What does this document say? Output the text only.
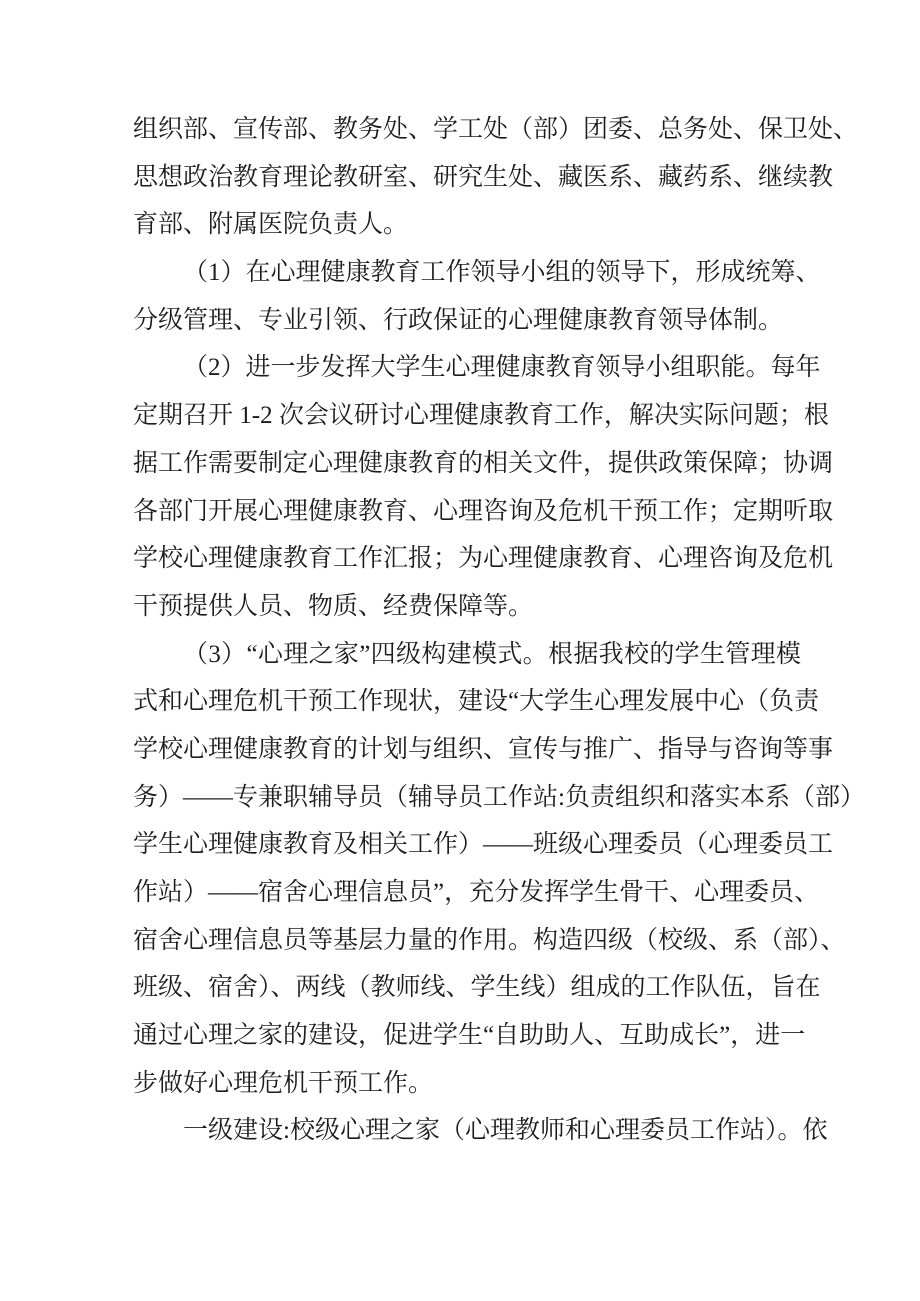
组织部、宣传部、教务处、学工处（部）团委、总务处、保卫处、
思想政治教育理论教研室、研究生处、藏医系、藏药系、继续教
育部、附属医院负责人。
（1）在心理健康教育工作领导小组的领导下，形成统筹、
分级管理、专业引领、行政保证的心理健康教育领导体制。
（2）进一步发挥大学生心理健康教育领导小组职能。每年
定期召开 1-2 次会议研讨心理健康教育工作，解决实际问题；根
据工作需要制定心理健康教育的相关文件，提供政策保障；协调
各部门开展心理健康教育、心理咨询及危机干预工作；定期听取
学校心理健康教育工作汇报；为心理健康教育、心理咨询及危机
干预提供人员、物质、经费保障等。
（3）“心理之家”四级构建模式。根据我校的学生管理模
式和心理危机干预工作现状，建设“大学生心理发展中心（负责
学校心理健康教育的计划与组织、宣传与推广、指导与咨询等事
务）——专兼职辅导员（辅导员工作站:负责组织和落实本系（部）
学生心理健康教育及相关工作）——班级心理委员（心理委员工
作站）——宿舍心理信息员”，充分发挥学生骨干、心理委员、
宿舍心理信息员等基层力量的作用。构造四级（校级、系（部）、
班级、宿舍）、两线（教师线、学生线）组成的工作队伍，旨在
通过心理之家的建设，促进学生“自助助人、互助成长”，进一
步做好心理危机干预工作。
一级建设:校级心理之家（心理教师和心理委员工作站）。依
